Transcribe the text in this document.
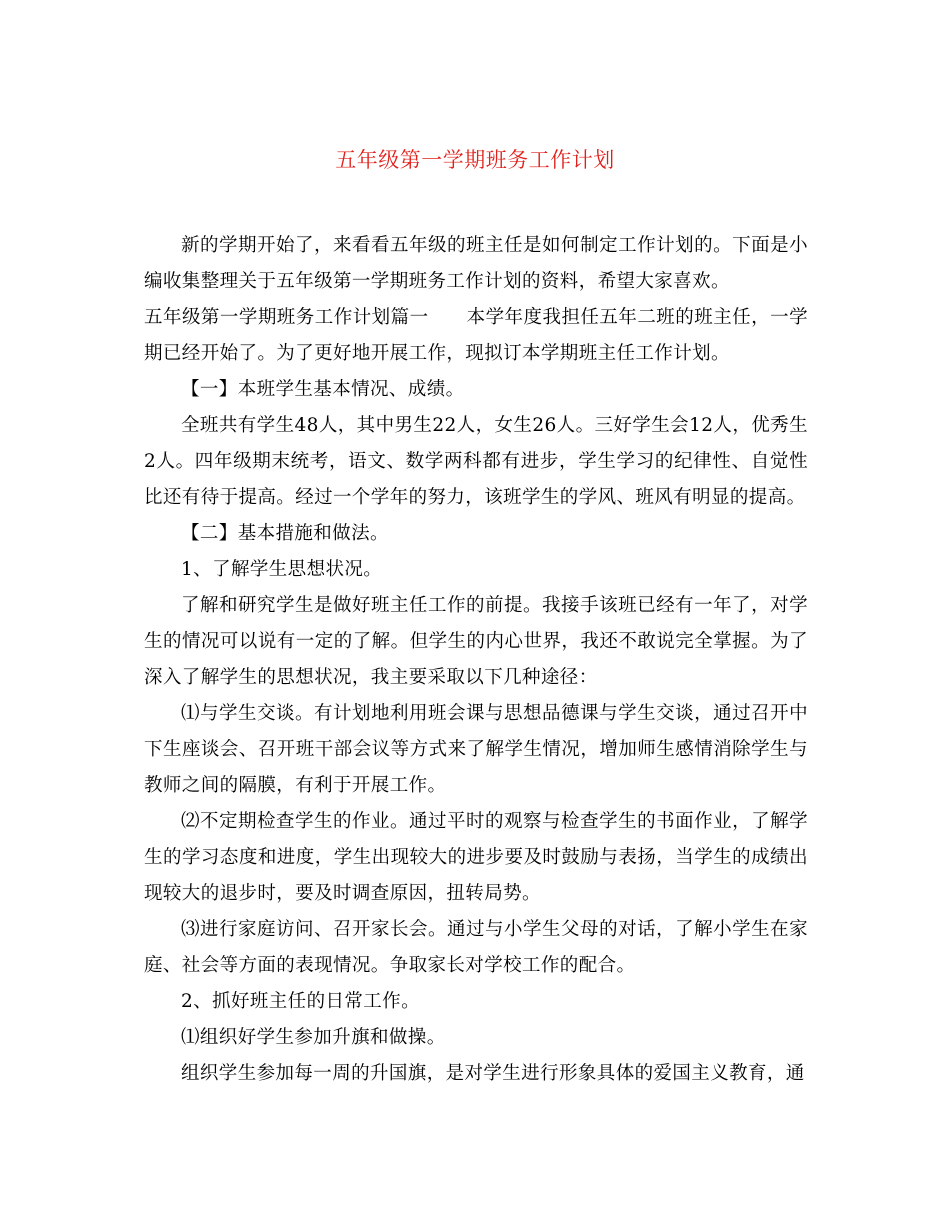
五年级第一学期班务工作计划

新的学期开始了，来看看五年级的班主任是如何制定工作计划的。下面是小编收集整理关于五年级第一学期班务工作计划的资料，希望大家喜欢。

五年级第一学期班务工作计划篇一 本学年度我担任五年二班的班主任，一学期已经开始了。为了更好地开展工作，现拟订本学期班主任工作计划。

【一】本班学生基本情况、成绩。

全班共有学生48人，其中男生22人，女生26人。三好学生会12人，优秀生2人。四年级期末统考，语文、数学两科都有进步，学生学习的纪律性、自觉性比还有待于提高。经过一个学年的努力，该班学生的学风、班风有明显的提高。

【二】基本措施和做法。

1、了解学生思想状况。

了解和研究学生是做好班主任工作的前提。我接手该班已经有一年了，对学生的情况可以说有一定的了解。但学生的内心世界，我还不敢说完全掌握。为了深入了解学生的思想状况，我主要采取以下几种途径：

⑴与学生交谈。有计划地利用班会课与思想品德课与学生交谈，通过召开中下生座谈会、召开班干部会议等方式来了解学生情况，增加师生感情消除学生与教师之间的隔膜，有利于开展工作。

⑵不定期检查学生的作业。通过平时的观察与检查学生的书面作业，了解学生的学习态度和进度，学生出现较大的进步要及时鼓励与表扬，当学生的成绩出现较大的退步时，要及时调查原因，扭转局势。

⑶进行家庭访问、召开家长会。通过与小学生父母的对话，了解小学生在家庭、社会等方面的表现情况。争取家长对学校工作的配合。

2、抓好班主任的日常工作。

⑴组织好学生参加升旗和做操。

组织学生参加每一周的升国旗，是对学生进行形象具体的爱国主义教育，通
